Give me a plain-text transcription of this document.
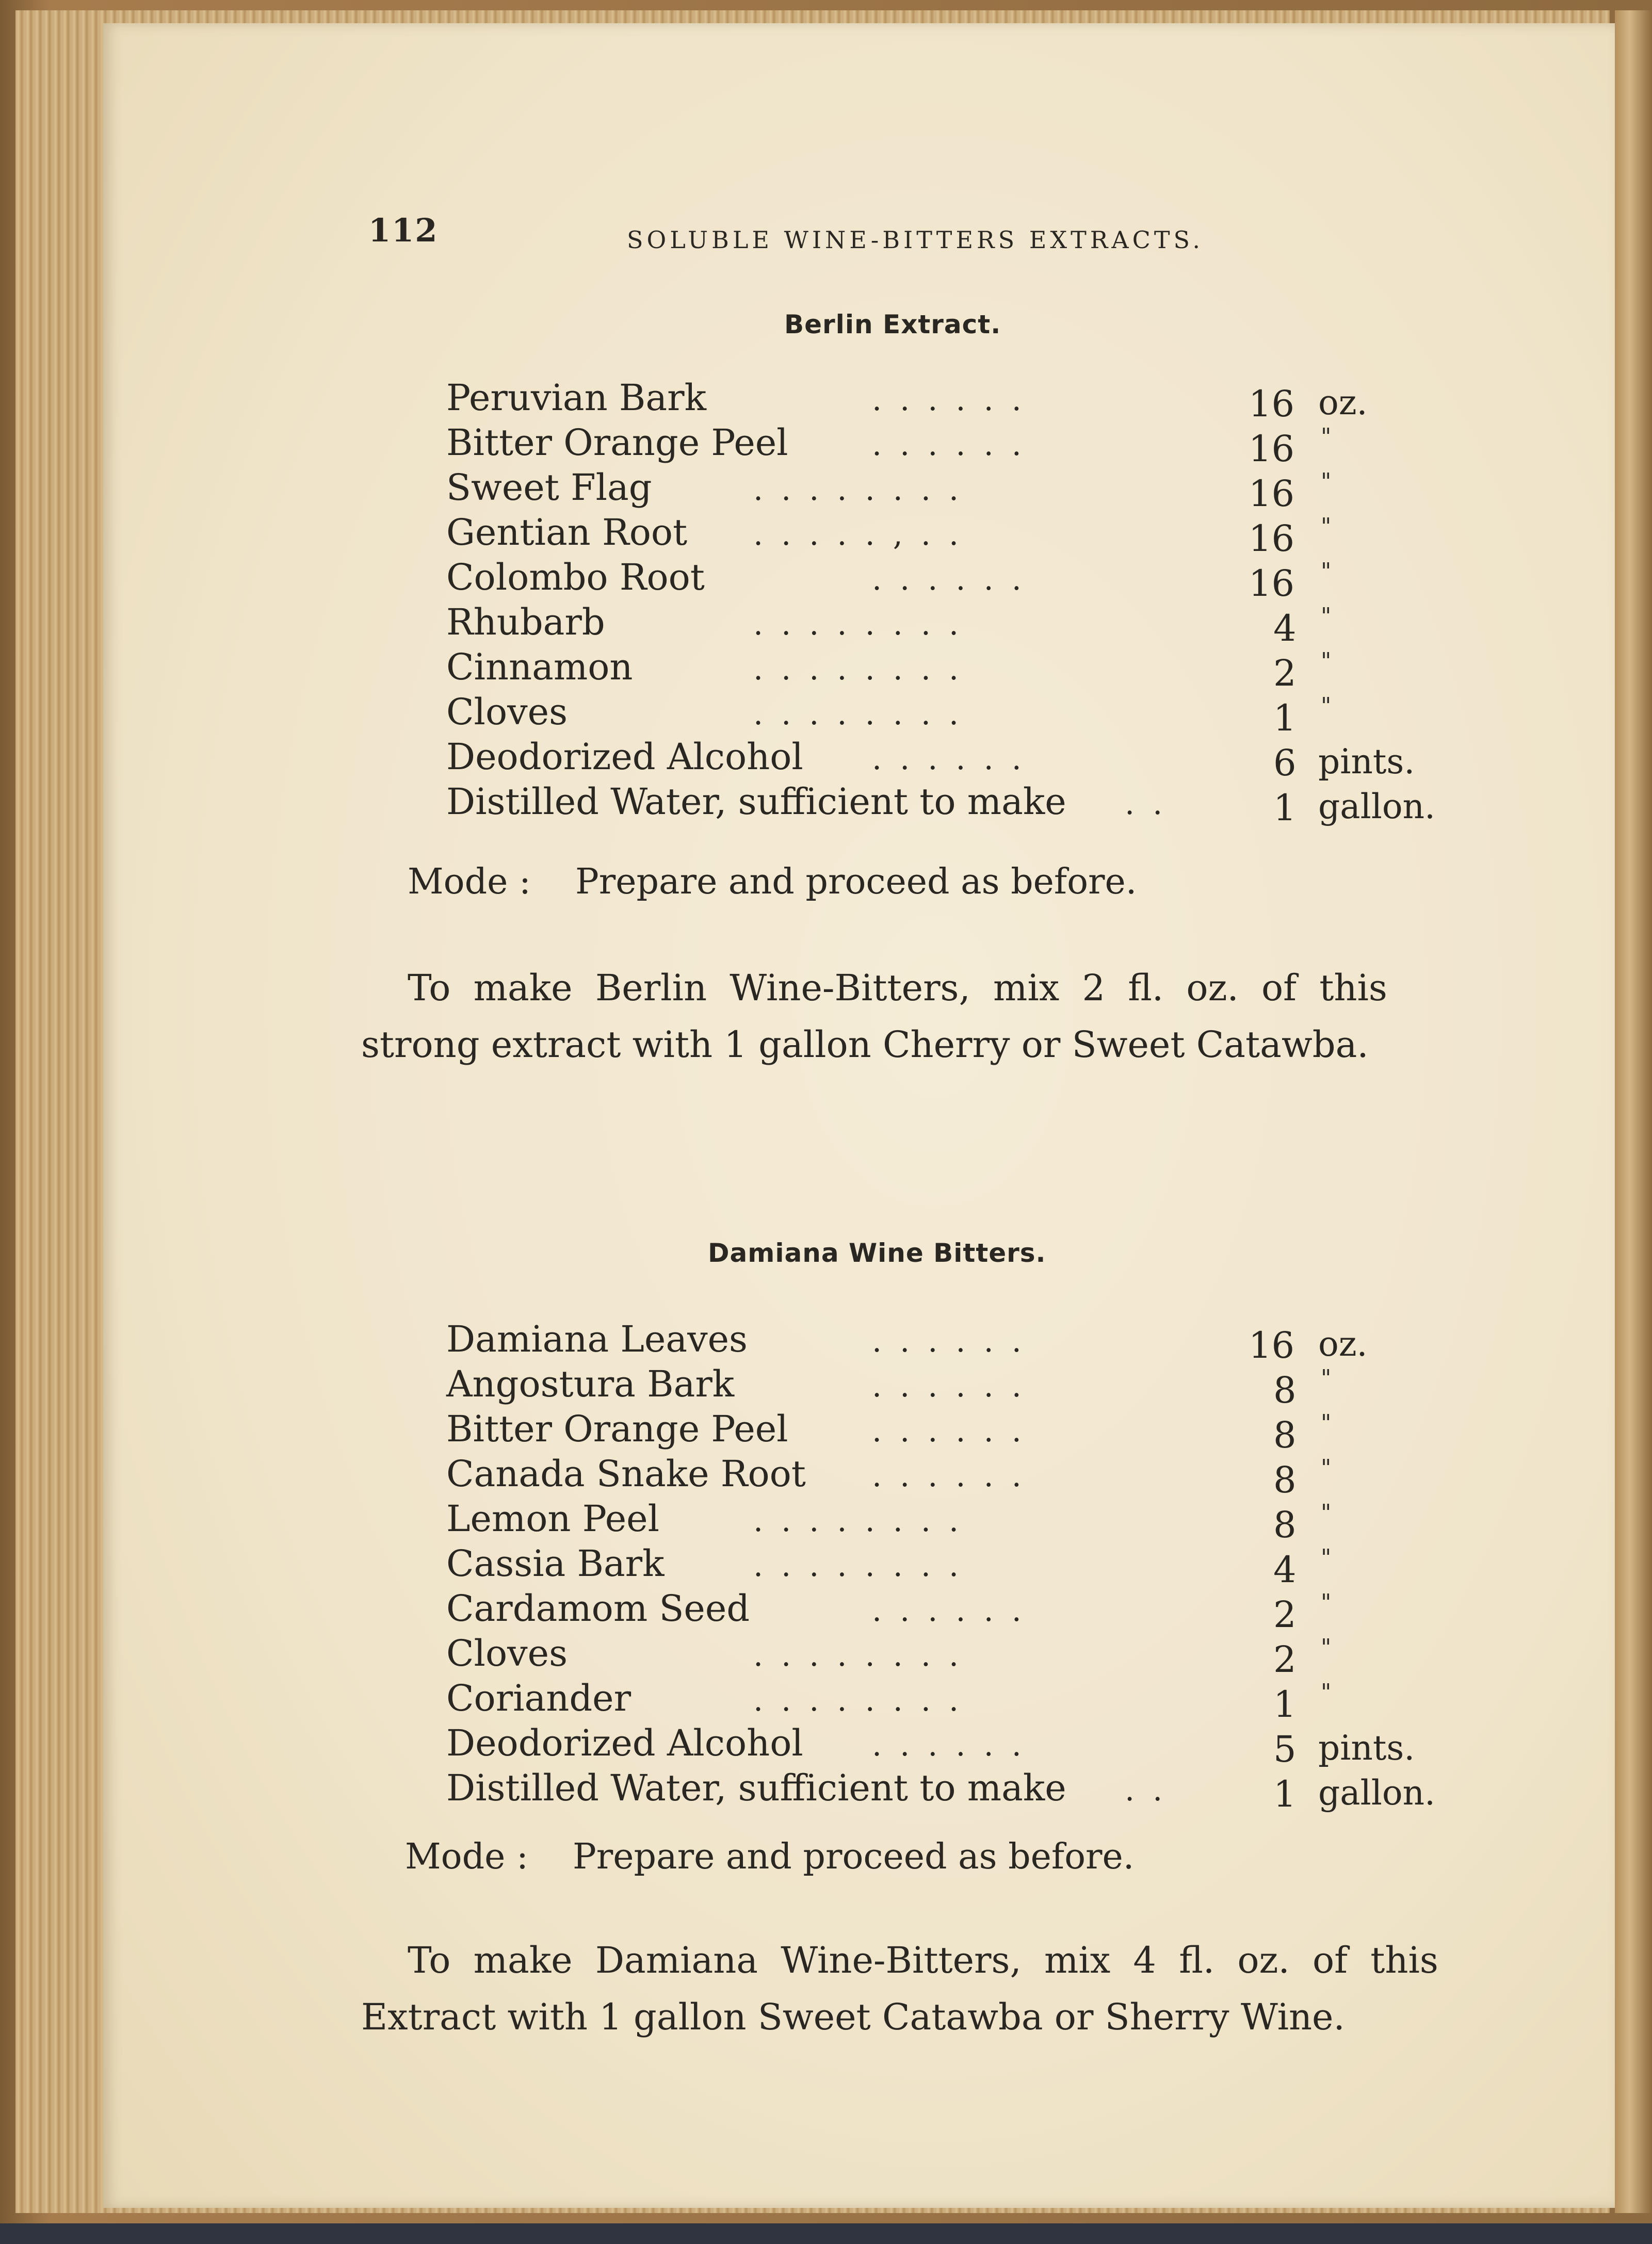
112	SOLUBLE WINE-BITTERS EXTRACTS.
Berlin Extract.
Peruvian Bark	. . . . . .	16 oz.
Bitter Orange Peel	. . . . . .	16 "
Sweet Flag	. . . . . . . .	16 "
Gentian Root . . . . . , . .	16 "
Colombo Root	. . . . . .	16 "
Rhubarb	. . . . . . . .	4 "
Cinnamon	. . . . . . . .	2 "
Cloves	. . . . . . . .	1 "
Deodorized Alcohol . . . . . .	6 pints.
Distilled Water, sufficient to make . .	1 gallon.
Mode : Prepare and proceed as before.
To make Berlin Wine-Bitters, mix 2 fl. oz. of this
strong extract with 1 gallon Cherry or Sweet Catawba.
Damiana Wine Bitters.
Damiana Leaves	. . . . . .	16 oz.
Angostura Bark	. . . . . .	8 "
Bitter Orange Peel	. . . . . .	8 "
Canada Snake Root . . . . . .	8 "
Lemon Peel	. . . . . . . .	8 "
Cassia Bark	. . . . . . . .	4 "
Cardamom Seed	. . . . . .	2 "
Cloves	. . . . . . . .	2 "
Coriander	. . . . . . . .	1 "
Deodorized Alcohol . . . . . .	5 pints.
Distilled Water, sufficient to make . .	1 gallon.
Mode : Prepare and proceed as before.
To make Damiana Wine-Bitters, mix 4 fl. oz. of this
Extract with 1 gallon Sweet Catawba or Sherry Wine.
